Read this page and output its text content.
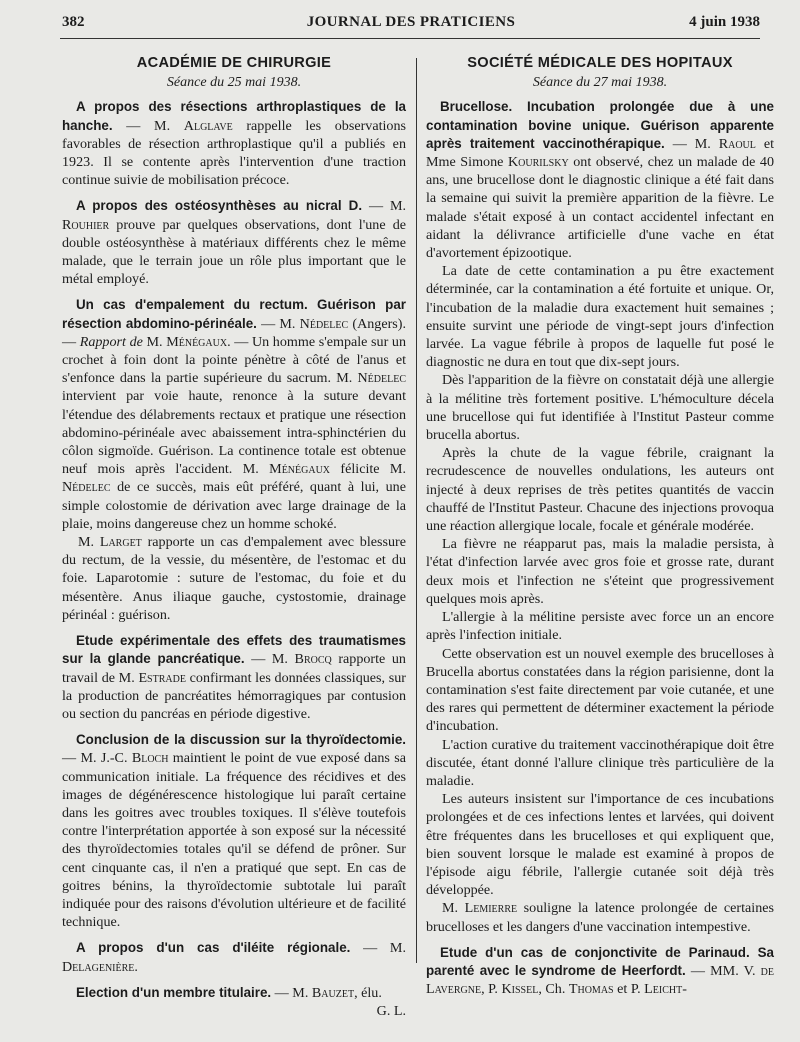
382	JOURNAL DES PRATICIENS	4 juin 1938
ACADÉMIE DE CHIRURGIE
Séance du 25 mai 1938.

A propos des résections arthroplastiques de la hanche. — M. Alglave rappelle les observations favorables de résection arthroplastique qu'il a publiés en 1923. Il se contente après l'intervention d'une traction continue suivie de mobilisation précoce.

A propos des ostéosynthèses au nicral D. — M. Rouhier prouve par quelques observations, dont l'une de double ostéosynthèse à matériaux différents chez le même malade, que le terrain joue un rôle plus important que le métal employé.

Un cas d'empalement du rectum. Guérison par résection abdomino-périnéale. — M. Nédelec (Angers). — Rapport de M. Ménégaux. — Un homme s'empale sur un crochet à foin dont la pointe pénètre à côté de l'anus et s'enfonce dans la partie supérieure du sacrum. M. Nédelec intervient par voie haute, renonce à la suture devant l'étendue des délabrements rectaux et pratique une résection abdomino-périnéale avec abaissement intra-sphinctérien du côlon sigmoïde. Guérison. La continence totale est obtenue neuf mois après l'accident. M. Ménégaux félicite M. Nédelec de ce succès, mais eût préféré, quant à lui, une simple colostomie de dérivation avec large drainage de la plaie, moins dangereuse chez un homme schoké.

M. Larget rapporte un cas d'empalement avec blessure du rectum, de la vessie, du mésentère, de l'estomac et du foie. Laparotomie : suture de l'estomac, du foie et du mésentère. Anus iliaque gauche, cystostomie, drainage périnéal : guérison.

Etude expérimentale des effets des traumatismes sur la glande pancréatique. — M. Brocq rapporte un travail de M. Estrade confirmant les données classiques, sur la production de pancréatites hémorragiques par contusion ou section du pancréas en période digestive.

Conclusion de la discussion sur la thyroïdectomie. — M. J.-C. Bloch maintient le point de vue exposé dans sa communication initiale. La fréquence des récidives et des images de dégénérescence histologique lui paraît certaine dans les goitres avec troubles toxiques. Il s'élève toutefois contre l'interprétation apportée à son exposé sur la nécessité des thyroïdectomies totales qu'il se défend de prôner. Sur cent cinquante cas, il n'en a pratiqué que sept. En cas de goitres bénins, la thyroïdectomie subtotale lui paraît indiquée pour des raisons d'évolution ultérieure et de facilité technique.

A propos d'un cas d'iléite régionale. — M. Delagenière.

Election d'un membre titulaire. — M. Bauzet, élu.
G. L.

SOCIÉTÉ MÉDICALE DES HOPITAUX
Séance du 27 mai 1938.

Brucellose. Incubation prolongée due à une contamination bovine unique. Guérison apparente après traitement vaccinothérapique. — M. Raoul et Mme Simone Kourilsky ont observé, chez un malade de 40 ans, une brucellose dont le diagnostic clinique a été fait dans la semaine qui suivit la première apparition de la fièvre. Le malade s'était exposé à un contact accidentel infectant en aidant la délivrance artificielle d'une vache en état d'avortement épizootique.

La date de cette contamination a pu être exactement déterminée, car la contamination a été fortuite et unique. Or, l'incubation de la maladie dura exactement huit semaines ; ensuite survint une période de vingt-sept jours d'infection larvée. La vague fébrile à propos de laquelle fut posé le diagnostic ne dura en tout que dix-sept jours.

Dès l'apparition de la fièvre on constatait déjà une allergie à la mélitine très fortement positive. L'hémoculture décela une brucellose qui fut identifiée à l'Institut Pasteur comme brucella abortus.

Après la chute de la vague fébrile, craignant la recrudescence de nouvelles ondulations, les auteurs ont injecté à deux reprises de très petites quantités de vaccin chauffé de l'Institut Pasteur. Chacune des injections provoqua une réaction allergique locale, focale et générale modérée.

La fièvre ne réapparut pas, mais la maladie persista, à l'état d'infection larvée avec gros foie et grosse rate, durant deux mois et l'infection ne s'éteint que progressivement quelques mois après.

L'allergie à la mélitine persiste avec force un an encore après l'infection initiale.

Cette observation est un nouvel exemple des brucelloses à Brucella abortus constatées dans la région parisienne, dont la contamination s'est faite directement par voie cutanée, et une des rares qui permettent de déterminer exactement la période d'incubation.

L'action curative du traitement vaccinothérapique doit être discutée, étant donné l'allure clinique très particulière de la maladie.

Les auteurs insistent sur l'importance de ces incubations prolongées et de ces infections lentes et larvées, qui doivent être fréquentes dans les brucelloses et qui expliquent que, bien souvent lorsque le malade est examiné à propos de l'épisode aigu fébrile, l'allergie cutanée soit déjà très développée.

M. Lemierre souligne la latence prolongée de certaines brucelloses et les dangers d'une vaccination intempestive.

Etude d'un cas de conjonctivite de Parinaud. Sa parenté avec le syndrome de Heerfordt. — MM. V. de Lavergne, P. Kissel, Ch. Thomas et P. Leicht-
